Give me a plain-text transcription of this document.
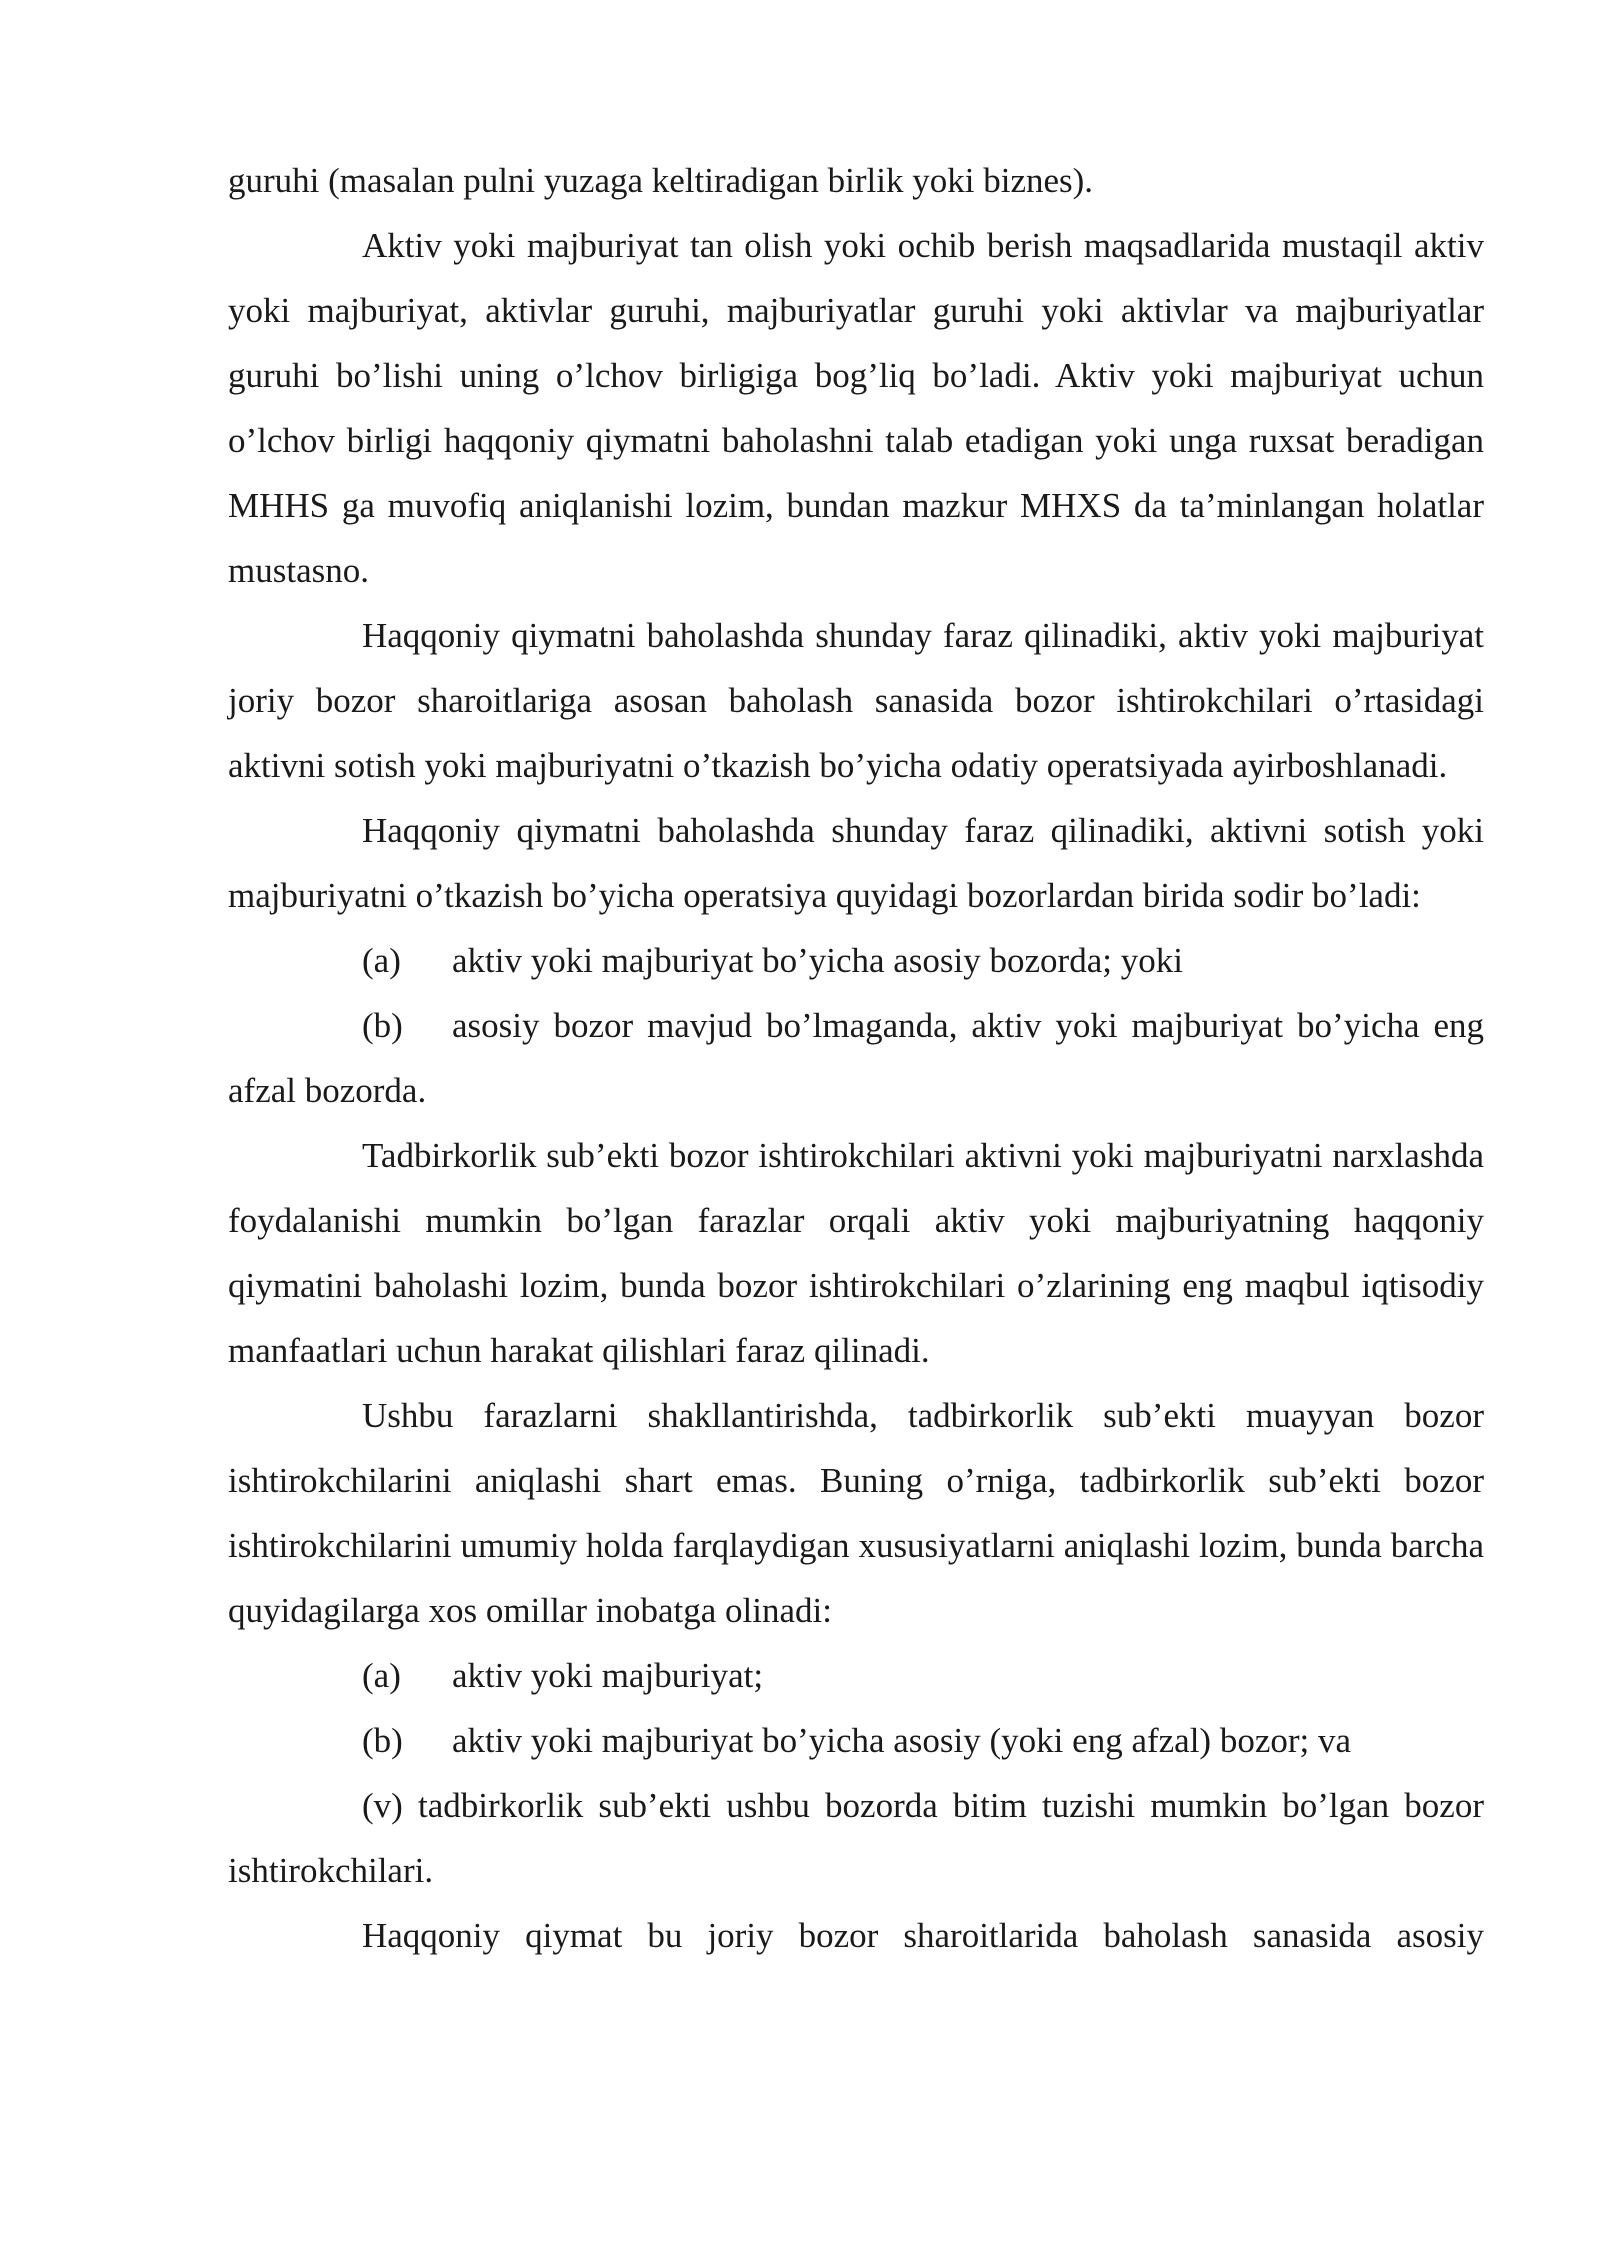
guruhi (masalan pulni yuzaga keltiradigan birlik yoki biznes).

Aktiv yoki majburiyat tan olish yoki ochib berish maqsadlarida mustaqil aktiv yoki majburiyat, aktivlar guruhi, majburiyatlar guruhi yoki aktivlar va majburiyatlar guruhi bo’lishi uning o’lchov birligiga bog’liq bo’ladi. Aktiv yoki majburiyat uchun o’lchov birligi haqqoniy qiymatni baholashni talab etadigan yoki unga ruxsat beradigan MHHS ga muvofiq aniqlanishi lozim, bundan mazkur MHXS da ta’minlangan holatlar mustasno.

Haqqoniy qiymatni baholashda shunday faraz qilinadiki, aktiv yoki majburiyat joriy bozor sharoitlariga asosan baholash sanasida bozor ishtirokchilari o’rtasidagi aktivni sotish yoki majburiyatni o’tkazish bo’yicha odatiy operatsiyada ayirboshlanadi.

Haqqoniy qiymatni baholashda shunday faraz qilinadiki, aktivni sotish yoki majburiyatni o’tkazish bo’yicha operatsiya quyidagi bozorlardan birida sodir bo’ladi:

(a) aktiv yoki majburiyat bo’yicha asosiy bozorda; yoki

(b) asosiy bozor mavjud bo’lmaganda, aktiv yoki majburiyat bo’yicha eng afzal bozorda.

Tadbirkorlik sub’ekti bozor ishtirokchilari aktivni yoki majburiyatni narxlashda foydalanishi mumkin bo’lgan farazlar orqali aktiv yoki majburiyatning haqqoniy qiymatini baholashi lozim, bunda bozor ishtirokchilari o’zlarining eng maqbul iqtisodiy manfaatlari uchun harakat qilishlari faraz qilinadi.

Ushbu farazlarni shakllantirishda, tadbirkorlik sub’ekti muayyan bozor ishtirokchilarini aniqlashi shart emas. Buning o’rniga, tadbirkorlik sub’ekti bozor ishtirokchilarini umumiy holda farqlaydigan xususiyatlarni aniqlashi lozim, bunda barcha quyidagilarga xos omillar inobatga olinadi:

(a) aktiv yoki majburiyat;

(b) aktiv yoki majburiyat bo’yicha asosiy (yoki eng afzal) bozor; va

(v) tadbirkorlik sub’ekti ushbu bozorda bitim tuzishi mumkin bo’lgan bozor ishtirokchilari.

Haqqoniy qiymat bu joriy bozor sharoitlarida baholash sanasida asosiy
